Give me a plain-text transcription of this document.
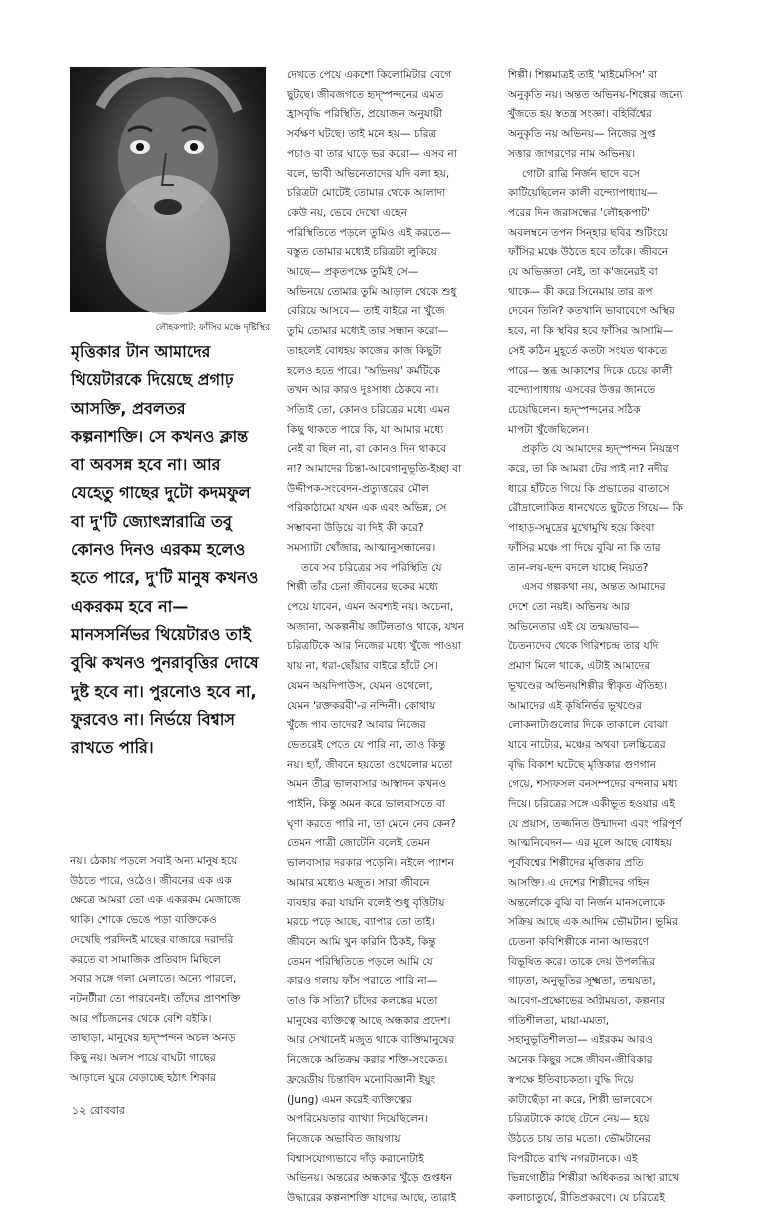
লৌহকপাট: ফাঁসির মঞ্চে দৃষ্টিস্থির
মৃত্তিকার টান আমাদের
থিয়েটারকে দিয়েছে প্রগাঢ়
আসক্তি, প্রবলতর
কল্পনাশক্তি। সে কখনও ক্লান্ত
বা অবসন্ন হবে না। আর
যেহেতু গাছের দুটো কদমফুল
বা দু'টি জ্যোৎস্নারাত্রি তবু
কোনও দিনও এরকম হলেও
হতে পারে, দু'টি মানুষ কখনও
একরকম হবে না—
মানসসর্নিভর থিয়েটারও তাই
বুঝি কখনও পুনরাবৃত্তির দোষে
দুষ্ট হবে না। পুরনোও হবে না,
ফুরবেও না। নির্ভয়ে বিশ্বাস
রাখতে পারি।

নয়। ঠেকায় পড়লে সবাই অন্য মানুষ হয়ে
উঠতে পারে, ওঠেও। জীবনের এক এক
ক্ষেত্রে আমরা তো এক একরকম মেজাজে
থাকি। শোকে ভেঙে পড়া ব্যক্তিকেও
দেখেছি পরদিনই মাছের বাজারে দরাদরি
করতে বা সামাজিক প্রতিবাদ মিছিলে
সবার সঙ্গে গলা মেলাতে। অন্যে পারলে,
নটনটীরা তো পারবেনই। তাঁদের প্রাণশক্তি
আর পাঁচজনের থেকে বেশি বইকি।
তাছাড়া, মানুষের হৃদ্স্পন্দন অচল অনড়
কিছু নয়। অলস পায়ে বাঘটা গাছের
আড়ালে ঘুরে বেড়াচ্ছে হঠাৎ শিকার

দেখতে পেয়ে একশো কিলোমিটার বেগে
ছুটছে। জীবজগতে হৃদ্স্পন্দনের এমত
হ্রাসবৃদ্ধি পরিস্থিতি, প্রয়োজন অনুযায়ী
সর্বক্ষণ ঘটছে। তাই মনে হয়— চরিত্র
পচাও বা তার ঘাড়ে ভর করো— এসব না
বলে, ভাবী অভিনেতাদের যদি বলা হয়,
চরিত্রটা মোটেই তোমার থেকে আলাদা
কেউ নয়, ভেবে দেখো এহেন
পরিস্থিতিতে পড়লে তুমিও এই করতে—
বস্তুত তোমার মধ্যেই চরিত্রটা লুকিয়ে
আছে— প্রকৃতপক্ষে তুমিই সে—
অভিনয়ে তোমার তুমি আড়াল থেকে শুধু
বেরিয়ে আসবে— তাই বাইরে না খুঁজে
তুমি তোমার মধ্যেই তার সন্ধান করো—
তাহলেই বোধহয় কাজের কাজ কিছুটা
হলেও হতে পারে। 'অভিনয়' কর্মটিকে
তখন আর কারও দুঃসাধ্য ঠেকবে না।
সত্যিই তো, কোনও চরিত্রের মধ্যে এমন
কিছু থাকতে পারে কি, যা আমার মধ্যে
নেই বা ছিল না, বা কোনও দিন থাকবে
না? আমাদের চিন্তা-আবেগানুভূতি-ইচ্ছা বা
উদ্দীপক-সংবেদন-প্রত্যুত্তরের মৌল
পরিকাঠামো যখন এক এবং অভিন্ন, সে
সম্ভাবনা উড়িয়ে বা দিই কী করে?
সমস্যাটা খোঁজার, আত্মানুসন্ধানের।

তবে সব চরিত্রের সব পরিস্থিতি যে
শিল্পী তাঁর চেনা জীবনের ছকের মধ্যে
পেয়ে যাবেন, এমন অবশ্যই নয়। অচেনা,
অজানা, অকল্পনীয় জটিলতাও থাকে, যখন
চরিত্রটিকে আর নিজের মধ্যে খুঁজে পাওয়া
যায় না, ধরা-ছোঁয়ার বাইরে হাঁটে সে।
যেমন অয়দিপাউস, যেমন ওথেলো,
যেমন 'রক্তকরবী'-র নন্দিনী। কোথায়
খুঁজে পাব তাদের? আবার নিজের
ভেতরেই পেতে যে পারি না, তাও কিন্তু
নয়। হ্যাঁ, জীবনে হয়তো ওথেলোর মতো
অমন তীব্র ভালবাসার আস্বাদন কখনও
পাইনি, কিন্তু অমন করে ভালবাসতে বা
ঘৃণা করতে পারি না, তা মেনে নেব কেন?
তেমন পাত্রী জোটেনি বলেই তেমন
ভালবাসার দরকার পড়েনি। নইলে প্যাশন
আমার মধ্যেও মজুত। সারা জীবনে
ব্যবহার করা যায়নি বলেই শুধু বৃত্তিটায়
মরচে পড়ে আছে, ব্যাপার তো তাই।
জীবনে আমি খুন করিনি ঠিকই, কিন্তু
তেমন পরিস্থিতিতে পড়লে আমি যে
কারও গলায় ফাঁস পরাতে পারি না—
তাও কি সত্যি? চাঁদের কলঙ্কের মতো
মানুষের ব্যক্তিত্বে আছে অন্ধকার প্রদেশ।
আর সেখানেই মজুত থাকে ব্যক্তিমানুষের
নিজেকে অতিক্রম করার শক্তি-সংকেত।
ফ্রয়েডীয় চিন্তাবিদ মনোবিজ্ঞানী ইয়ুং
(Jung) এমন করেই ব্যক্তিত্বের
অপরিমেয়তার ব্যাখ্যা দিয়েছিলেন।
নিজেকে অভাবিত জায়গায়
বিশ্বাসযোগ্যভাবে দাঁড় করানোটাই
অভিনয়। অন্তরের অন্ধকার খুঁড়ে গুপ্তধন
উদ্ধারের কল্পনাশক্তি যাদের আছে, তারাই

শিল্পী। শিল্পমাত্রই তাই 'মাইমেসিস' বা
অনুকৃতি নয়। অন্তত অভিনয়-শিল্পের জন্যে
খুঁজতে হয় স্বতন্ত্র সংজ্ঞা। বহির্বিশ্বের
অনুকৃতি নয় অভিনয়— নিজের সুপ্ত
সত্তার জাগরণের নাম অভিনয়।

গোটা রাত্রি নির্জন ছাদে বসে
কাটিয়েছিলেন কালী বন্দ্যোপাধ্যায়—
পরের দিন জরাসন্ধের 'লৌহকপাট'
অবলম্বনে তপন সিন্হার ছবির শুটিংয়ে
ফাঁসির মঞ্চে উঠতে হবে তাঁকে। জীবনে
যে অভিজ্ঞতা নেই, তা ক'জনেরই বা
থাকে— কী করে সিনেমায় তার রূপ
দেবেন তিনি? কতখানি ভাবাবেগে অস্থির
হবে, না কি স্থবির হবে ফাঁসির আসামি—
সেই কঠিন মুহূর্তে কতটা সংযত থাকতে
পারে— স্তব্ধ আকাশের দিকে চেয়ে কালী
বন্দ্যোপাধ্যায় এসবের উত্তর জানতে
চেয়েছিলেন। হৃদ্স্পন্দনের সঠিক
মাপটা খুঁজেছিলেন।

প্রকৃতি যে আমাদের হৃদ্স্পন্দন নিয়ন্ত্রণ
করে, তা কি আমরা টের পাই না? নদীর
ধারে হাঁটতে গিয়ে কি প্রভাতের বাতাসে
রৌদ্রালোকিত ধানখেতে ছুটতে গিয়ে— কি
পাহাড়-সমুদ্রের মুখোমুখি হয়ে কিংবা
ফাঁসির মঞ্চে পা দিয়ে বুঝি না কি তার
তান-লয়-ছন্দ বদলে যাচ্ছে নিয়ত?

এসব গল্পকথা নয়, অন্তত আমাদের
দেশে তো নয়ই। অভিনয় আর
অভিনেতার এই যে তন্ময়ভাব—
চৈতন্যদেব থেকে গিরিশচন্দ্র তার যদি
প্রমাণ মিলে থাকে, এটাই আমাদের
ভূখণ্ডের অভিনয়শিল্পীর স্বীকৃত ঐতিহ্য।
আমাদের এই কৃষিনির্ভর ভূখণ্ডের
লোকনাট্যগুলোর দিকে তাকালে বোঝা
যাবে নাট্যের, মঞ্চের অথবা চলচ্চিত্রের
বৃদ্ধি বিকাশ ঘটেছে মৃত্তিকার গুণগান
গেয়ে, শস্যফসল বনসম্পদের বন্দনার মধ্য
দিয়ে। চরিত্রের সঙ্গে একীভূত হওয়ার এই
যে প্রয়াস, তজ্জনিত উন্মাদনা এবং পরিপূর্ণ
আত্মনিবেদন— এর মূলে আছে বোধহয়
পূর্ববিশ্বের শিল্পীদের মৃত্তিকার প্রতি
আসক্তি। এ দেশের শিল্পীদের গহিন
অন্তর্লোকে বুঝি বা নির্জন মানসলোকে
সক্রিয় আছে এক আদিম ভৌমটান। ভূমির
চেতনা কবিশিল্পীকে নানা আভরণে
বিভূষিত করে। তাকে দেয় উপলব্ধির
গাঢ়তা, অনুভূতির সূক্ষ্মতা, তন্ময়তা,
আবেগ-প্রক্ষোভের অগ্নিময়তা, কল্পনার
গতিশীলতা, মায়া-মমতা,
সহানুভূতিশীলতা— এইরকম আরও
অনেক কিছুর সঙ্গে জীবন-জীবিকার
স্বপক্ষে ইতিবাচকতা। বুদ্ধি দিয়ে
কাটাছেঁড়া না করে, শিল্পী ভালবেসে
চরিত্রটাকে কাছে টেনে নেয়— হয়ে
উঠতে চায় তার মতো। ভৌমটানের
বিপরীতে রাখি নগরটানকে। এই
ভিন্নগোষ্ঠীর শিল্পীরা অধিকতর আস্থা রাখে
কলাচাতুর্যে, রীতিপ্রকরণে। যে চরিত্রেই

১২ রোববার
